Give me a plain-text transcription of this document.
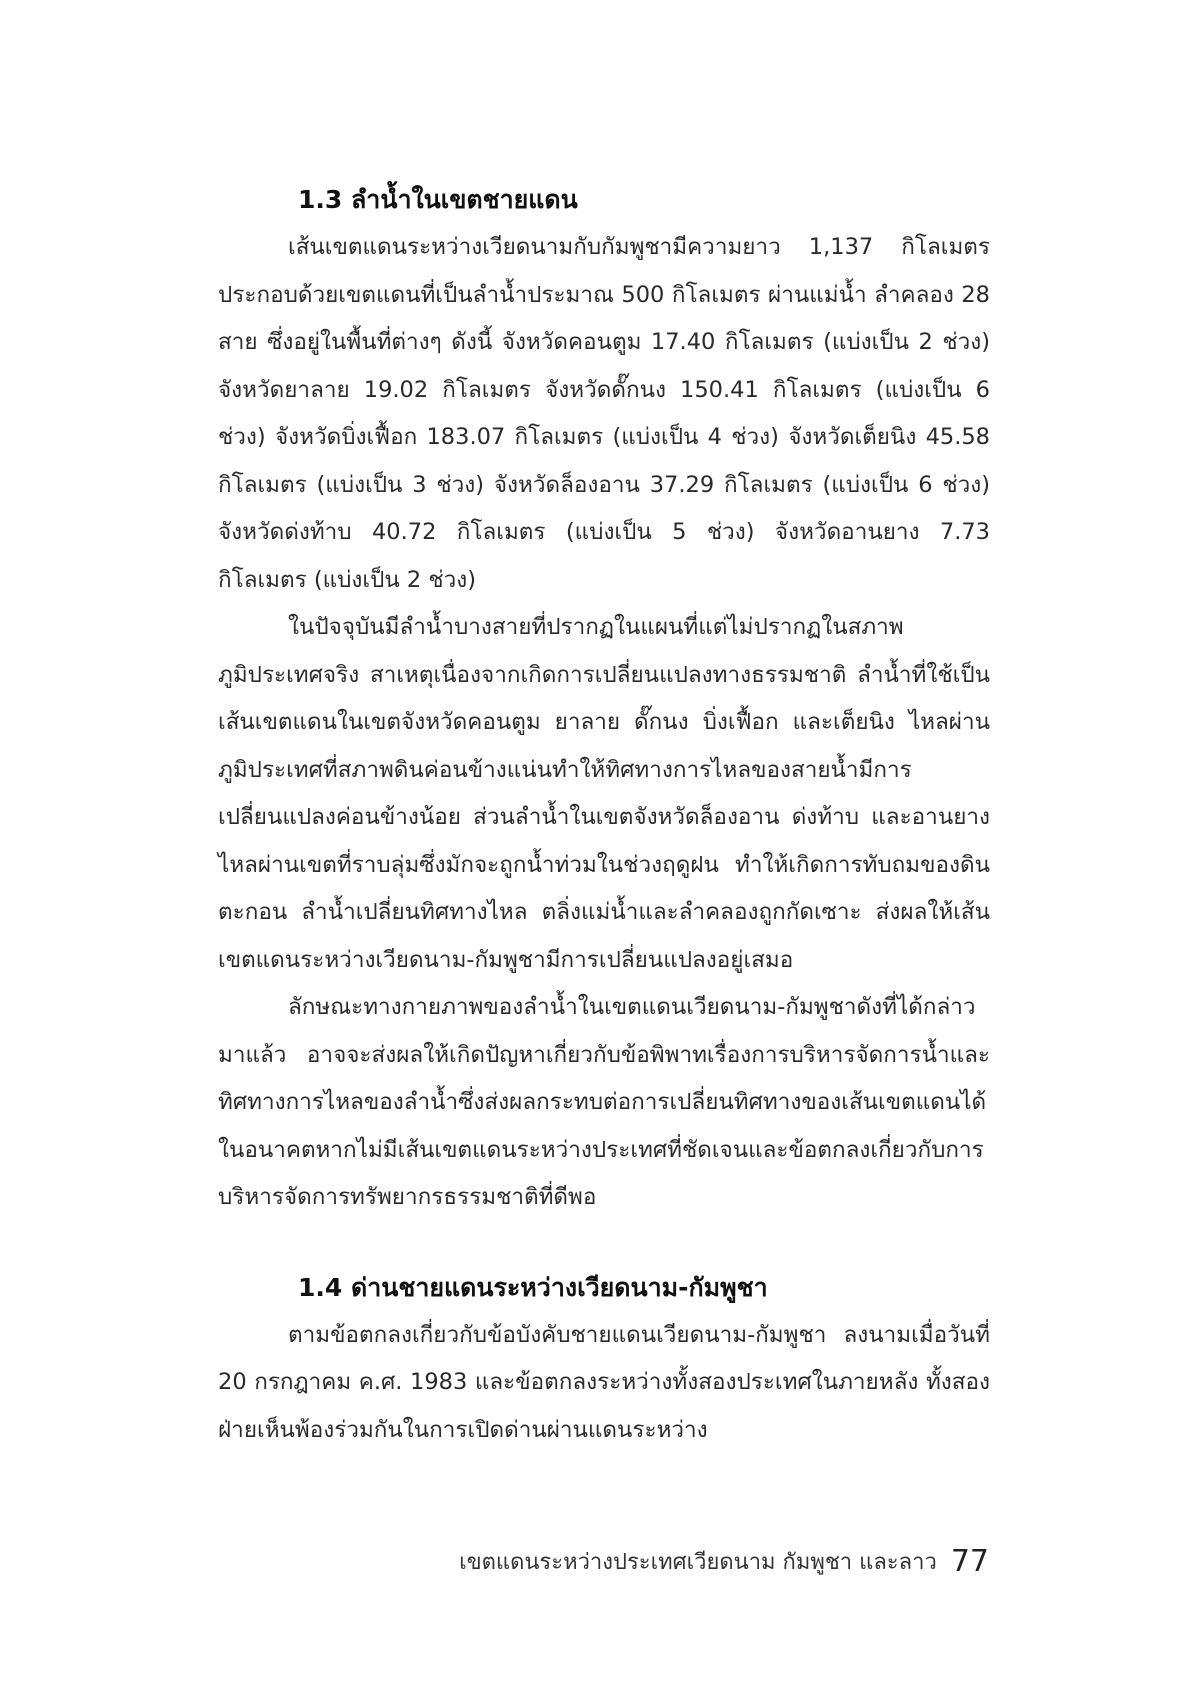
1.3 ลำน้ำในเขตชายแดน

เส้นเขตแดนระหว่างเวียดนามกับกัมพูชามีความยาว 1,137 กิโลเมตร ประกอบด้วยเขตแดนที่เป็นลำน้ำประมาณ 500 กิโลเมตร ผ่านแม่น้ำ ลำคลอง 28 สาย ซึ่งอยู่ในพื้นที่ต่างๆ ดังนี้ จังหวัดคอนตูม 17.40 กิโลเมตร (แบ่งเป็น 2 ช่วง) จังหวัดยาลาย 19.02 กิโลเมตร จังหวัดดั๊กนง 150.41 กิโลเมตร (แบ่งเป็น 6 ช่วง) จังหวัดบิ่งเฟื้อก 183.07 กิโลเมตร (แบ่งเป็น 4 ช่วง) จังหวัดเต็ยนิง 45.58 กิโลเมตร (แบ่งเป็น 3 ช่วง) จังหวัดล็องอาน 37.29 กิโลเมตร (แบ่งเป็น 6 ช่วง) จังหวัดด่งท้าบ 40.72 กิโลเมตร (แบ่งเป็น 5 ช่วง) จังหวัดอานยาง 7.73 กิโลเมตร (แบ่งเป็น 2 ช่วง)

ในปัจจุบันมีลำน้ำบางสายที่ปรากฏในแผนที่แต่ไม่ปรากฏในสภาพภูมิประเทศจริง สาเหตุเนื่องจากเกิดการเปลี่ยนแปลงทางธรรมชาติ ลำน้ำที่ใช้เป็นเส้นเขตแดนในเขตจังหวัดคอนตูม ยาลาย ดั๊กนง บิ่งเฟื้อก และเต็ยนิง ไหลผ่านภูมิประเทศที่สภาพดินค่อนข้างแน่นทำให้ทิศทางการไหลของสายน้ำมีการเปลี่ยนแปลงค่อนข้างน้อย ส่วนลำน้ำในเขตจังหวัดล็องอาน ด่งท้าบ และอานยาง ไหลผ่านเขตที่ราบลุ่มซึ่งมักจะถูกน้ำท่วมในช่วงฤดูฝน ทำให้เกิดการทับถมของดินตะกอน ลำน้ำเปลี่ยนทิศทางไหล ตลิ่งแม่น้ำและลำคลองถูกกัดเซาะ ส่งผลให้เส้นเขตแดนระหว่างเวียดนาม-กัมพูชามีการเปลี่ยนแปลงอยู่เสมอ

ลักษณะทางกายภาพของลำน้ำในเขตแดนเวียดนาม-กัมพูชาดังที่ได้กล่าวมาแล้ว อาจจะส่งผลให้เกิดปัญหาเกี่ยวกับข้อพิพาทเรื่องการบริหารจัดการน้ำและทิศทางการไหลของลำน้ำซึ่งส่งผลกระทบต่อการเปลี่ยนทิศทางของเส้นเขตแดนได้ในอนาคตหากไม่มีเส้นเขตแดนระหว่างประเทศที่ชัดเจนและข้อตกลงเกี่ยวกับการบริหารจัดการทรัพยากรธรรมชาติที่ดีพอ

1.4 ด่านชายแดนระหว่างเวียดนาม-กัมพูชา

ตามข้อตกลงเกี่ยวกับข้อบังคับชายแดนเวียดนาม-กัมพูชา ลงนามเมื่อวันที่ 20 กรกฎาคม ค.ศ. 1983 และข้อตกลงระหว่างทั้งสองประเทศในภายหลัง ทั้งสองฝ่ายเห็นพ้องร่วมกันในการเปิดด่านผ่านแดนระหว่าง

เขตแดนระหว่างประเทศเวียดนาม กัมพูชา และลาว 77
